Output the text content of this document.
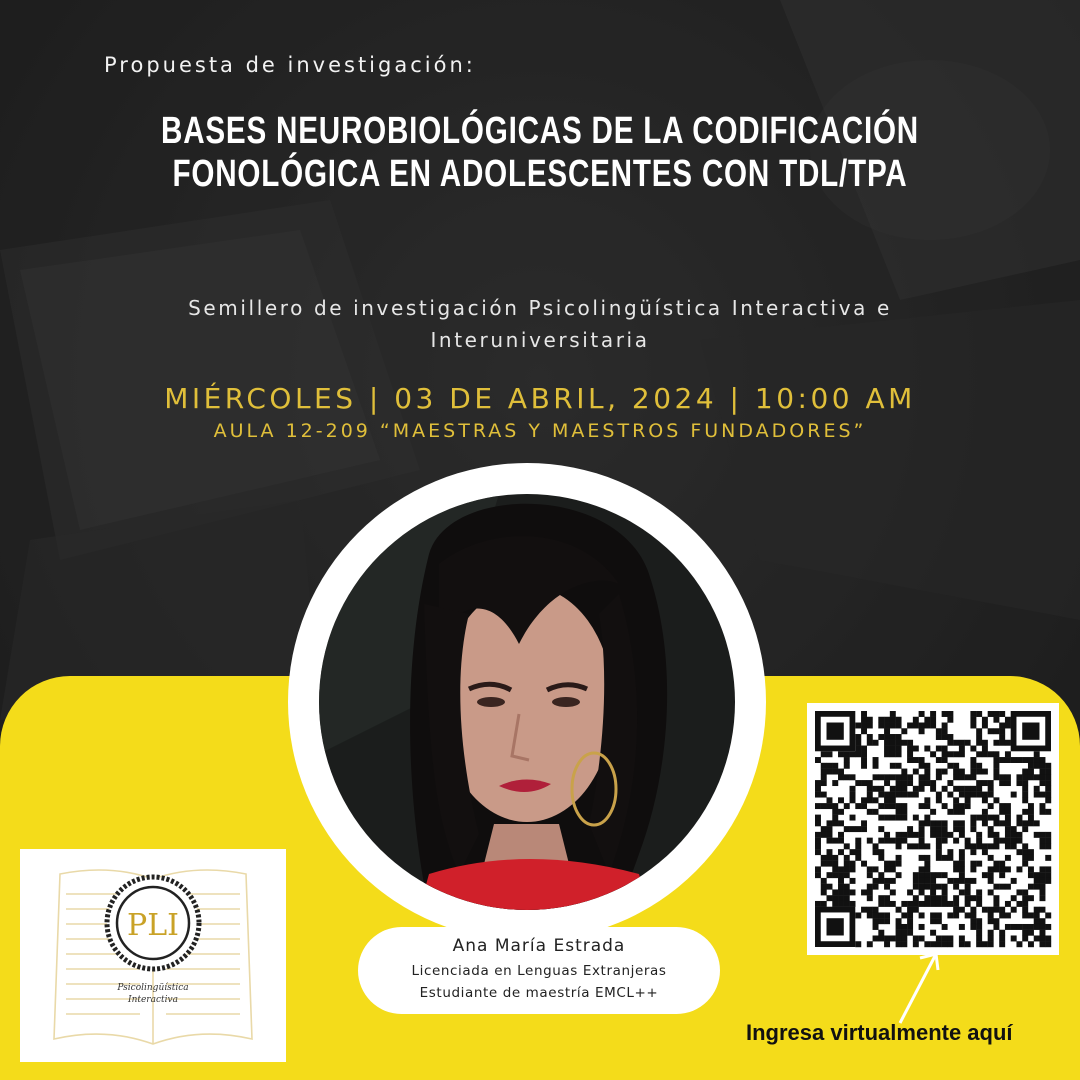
Propuesta de investigación:

BASES NEUROBIOLÓGICAS DE LA CODIFICACIÓN
FONOLÓGICA EN ADOLESCENTES CON TDL/TPA
Semillero de investigación Psicolingüística Interactiva e
Interuniversitaria

MIÉRCOLES | 03 DE ABRIL, 2024 | 10:00 AM

AULA 12-209 “MAESTRAS Y MAESTROS FUNDADORES”

Ana María Estrada
Licenciada en Lenguas Extranjeras
Estudiante de maestría EMCL++
PLI
Psicolingüística
Interactiva
Ingresa virtualmente aquí
